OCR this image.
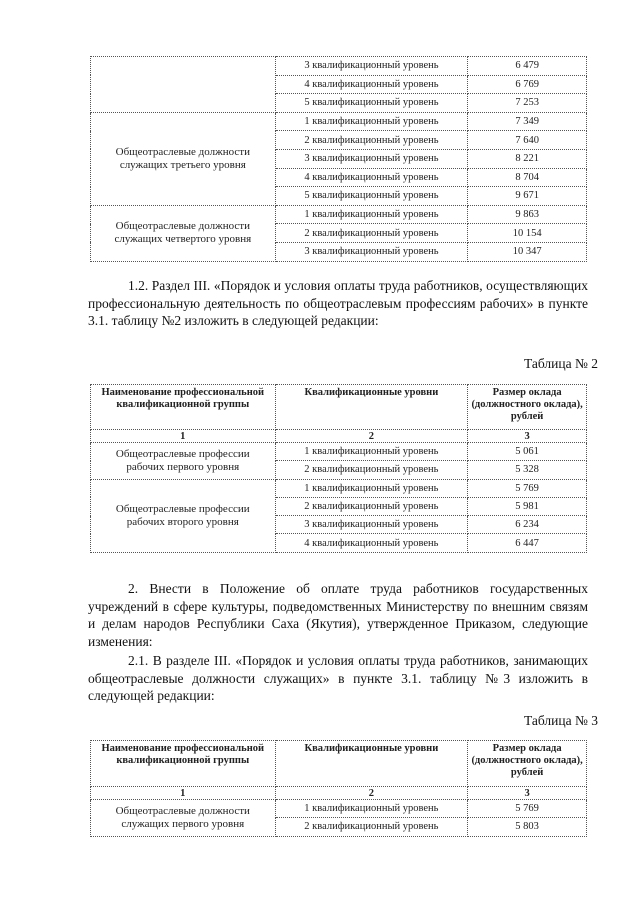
	3 квалификационный уровень	6 479
	4 квалификационный уровень	6 769
	5 квалификационный уровень	7 253
Общеотраслевые должности служащих третьего уровня	1 квалификационный уровень	7 349
	2 квалификационный уровень	7 640
	3 квалификационный уровень	8 221
	4 квалификационный уровень	8 704
	5 квалификационный уровень	9 671
Общеотраслевые должности служащих четвертого уровня	1 квалификационный уровень	9 863
	2 квалификационный уровень	10 154
	3 квалификационный уровень	10 347
1.2. Раздел III. «Порядок и условия оплаты труда работников, осуществляющих профессиональную деятельность по общеотраслевым профессиям рабочих» в пункте 3.1. таблицу №2 изложить в следующей редакции:
Таблица № 2
Наименование профессиональной квалификационной группы	Квалификационные уровни	Размер оклада (должностного оклада), рублей
1	2	3
Общеотраслевые профессии рабочих первого уровня	1 квалификационный уровень	5 061
	2 квалификационный уровень	5 328
Общеотраслевые профессии рабочих второго уровня	1 квалификационный уровень	5 769
	2 квалификационный уровень	5 981
	3 квалификационный уровень	6 234
	4 квалификационный уровень	6 447
2. Внести в Положение об оплате труда работников государственных учреждений в сфере культуры, подведомственных Министерству по внешним связям и делам народов Республики Саха (Якутия), утвержденное Приказом, следующие изменения:
2.1. В разделе III. «Порядок и условия оплаты труда работников, занимающих общеотраслевые должности служащих» в пункте 3.1. таблицу №3 изложить в следующей редакции:
Таблица № 3
Наименование профессиональной квалификационной группы	Квалификационные уровни	Размер оклада (должностного оклада), рублей
1	2	3
Общеотраслевые должности служащих первого уровня	1 квалификационный уровень	5 769
	2 квалификационный уровень	5 803
